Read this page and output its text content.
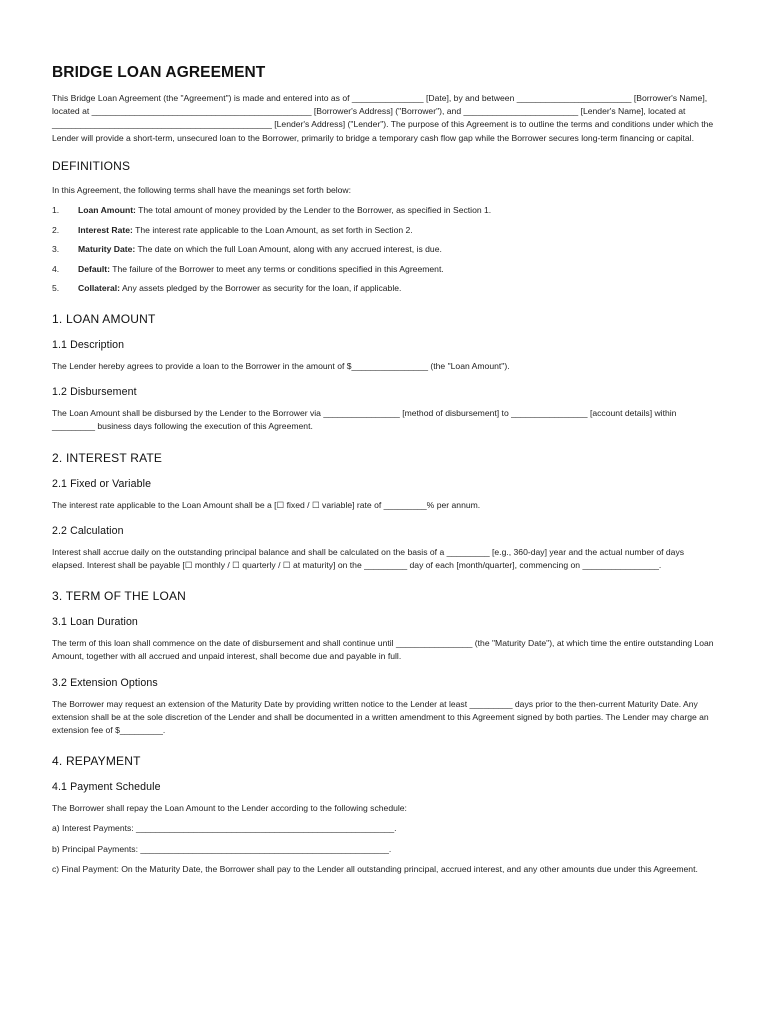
BRIDGE LOAN AGREEMENT

This Bridge Loan Agreement (the "Agreement") is made and entered into as of _______________ [Date], by and between ________________________ [Borrower's Name], located at ______________________________________________ [Borrower's Address] ("Borrower"), and ________________________ [Lender's Name], located at ______________________________________________ [Lender's Address] ("Lender"). The purpose of this Agreement is to outline the terms and conditions under which the Lender will provide a short-term, unsecured loan to the Borrower, primarily to bridge a temporary cash flow gap while the Borrower secures long-term financing or capital.

DEFINITIONS

In this Agreement, the following terms shall have the meanings set forth below:

1.	Loan Amount: The total amount of money provided by the Lender to the Borrower, as specified in Section 1.
2.	Interest Rate: The interest rate applicable to the Loan Amount, as set forth in Section 2.
3.	Maturity Date: The date on which the full Loan Amount, along with any accrued interest, is due.
4.	Default: The failure of the Borrower to meet any terms or conditions specified in this Agreement.
5.	Collateral: Any assets pledged by the Borrower as security for the loan, if applicable.
1. LOAN AMOUNT
1.1 Description

The Lender hereby agrees to provide a loan to the Borrower in the amount of $________________ (the "Loan Amount").

1.2 Disbursement

The Loan Amount shall be disbursed by the Lender to the Borrower via ________________ [method of disbursement] to ________________ [account details] within _________ business days following the execution of this Agreement.

2. INTEREST RATE
2.1 Fixed or Variable

The interest rate applicable to the Loan Amount shall be a [☐ fixed / ☐ variable] rate of _________% per annum.

2.2 Calculation

Interest shall accrue daily on the outstanding principal balance and shall be calculated on the basis of a _________ [e.g., 360-day] year and the actual number of days elapsed. Interest shall be payable [☐ monthly / ☐ quarterly / ☐ at maturity] on the _________ day of each [month/quarter], commencing on ________________.

3. TERM OF THE LOAN
3.1 Loan Duration

The term of this loan shall commence on the date of disbursement and shall continue until ________________ (the "Maturity Date"), at which time the entire outstanding Loan Amount, together with all accrued and unpaid interest, shall become due and payable in full.

3.2 Extension Options

The Borrower may request an extension of the Maturity Date by providing written notice to the Lender at least _________ days prior to the then-current Maturity Date. Any extension shall be at the sole discretion of the Lender and shall be documented in a written amendment to this Agreement signed by both parties. The Lender may charge an extension fee of $_________.

4. REPAYMENT
4.1 Payment Schedule

The Borrower shall repay the Loan Amount to the Lender according to the following schedule:

a) Interest Payments: ______________________________________________________.

b) Principal Payments: ____________________________________________________.

c) Final Payment: On the Maturity Date, the Borrower shall pay to the Lender all outstanding principal, accrued interest, and any other amounts due under this Agreement.
